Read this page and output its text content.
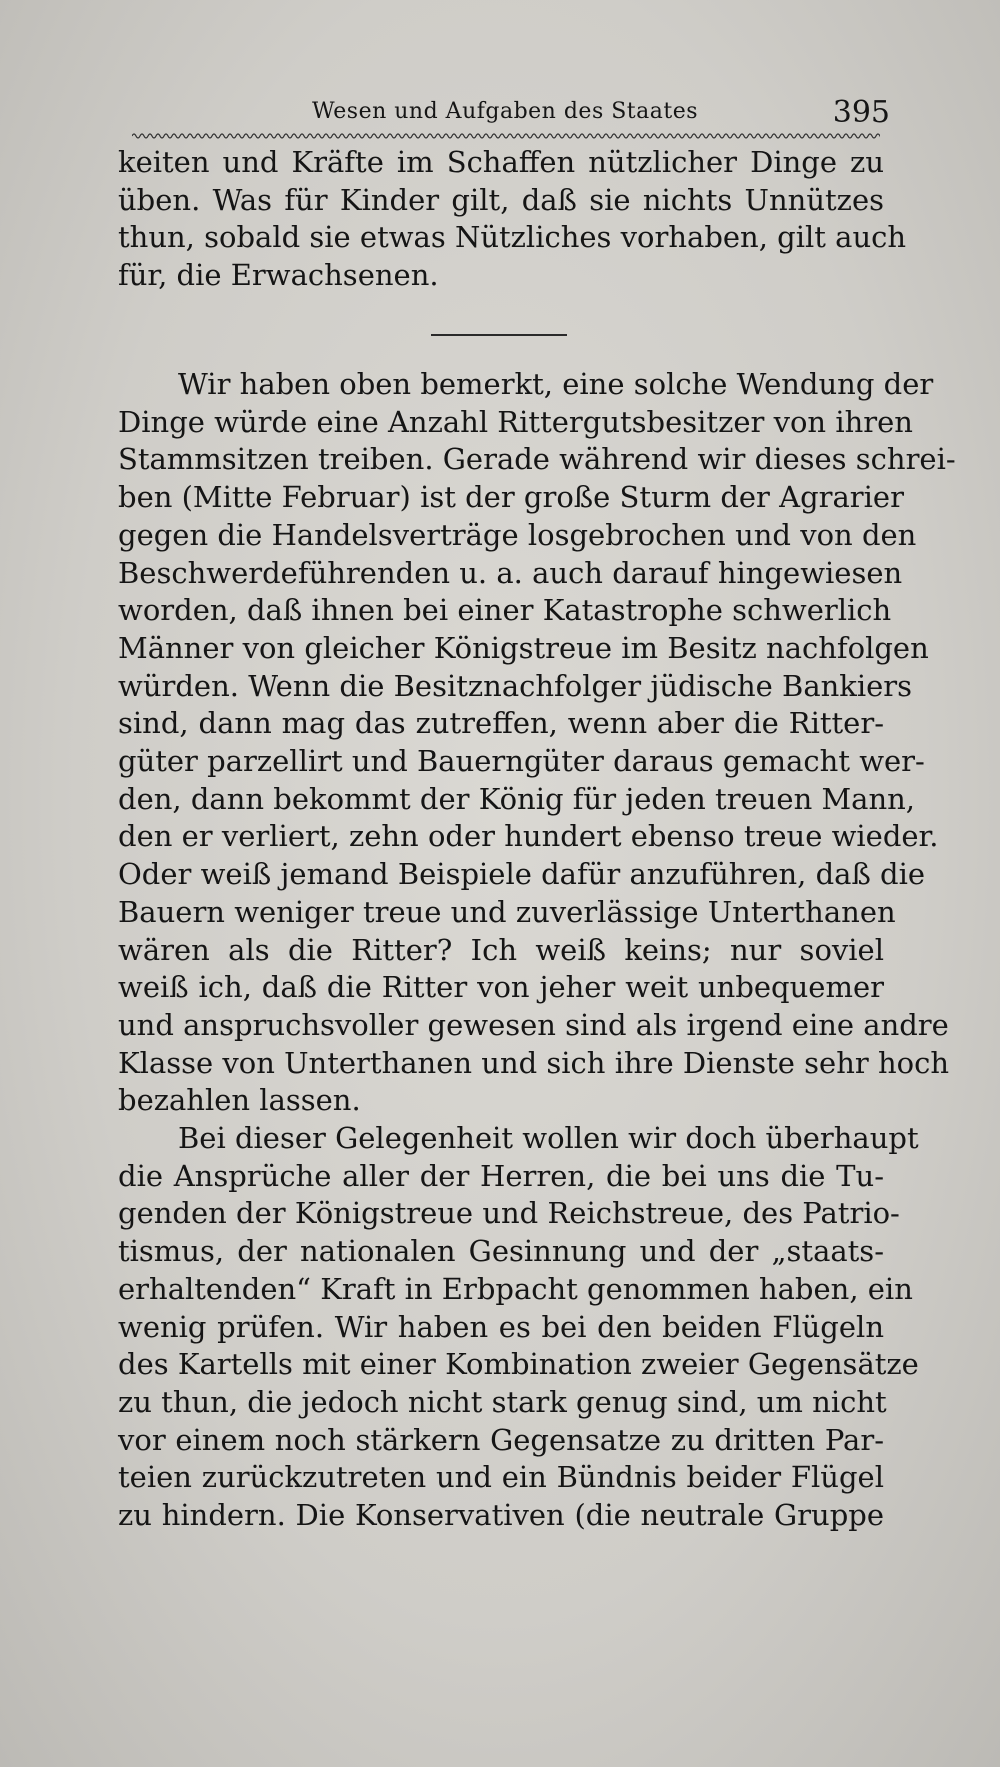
Wesen und Aufgaben des Staates	395
keiten und Kräfte im Schaffen nützlicher Dinge zu
üben. Was für Kinder gilt, daß sie nichts Unnützes
thun, sobald sie etwas Nützliches vorhaben, gilt auch
für, die Erwachsenen.
Wir haben oben bemerkt, eine solche Wendung der
Dinge würde eine Anzahl Rittergutsbesitzer von ihren
Stammsitzen treiben. Gerade während wir dieses schrei-
ben (Mitte Februar) ist der große Sturm der Agrarier
gegen die Handelsverträge losgebrochen und von den
Beschwerdeführenden u. a. auch darauf hingewiesen
worden, daß ihnen bei einer Katastrophe schwerlich
Männer von gleicher Königstreue im Besitz nachfolgen
würden. Wenn die Besitznachfolger jüdische Bankiers
sind, dann mag das zutreffen, wenn aber die Ritter-
güter parzellirt und Bauerngüter daraus gemacht wer-
den, dann bekommt der König für jeden treuen Mann,
den er verliert, zehn oder hundert ebenso treue wieder.
Oder weiß jemand Beispiele dafür anzuführen, daß die
Bauern weniger treue und zuverlässige Unterthanen
wären als die Ritter? Ich weiß keins; nur soviel
weiß ich, daß die Ritter von jeher weit unbequemer
und anspruchsvoller gewesen sind als irgend eine andre
Klasse von Unterthanen und sich ihre Dienste sehr hoch
bezahlen lassen.
Bei dieser Gelegenheit wollen wir doch überhaupt
die Ansprüche aller der Herren, die bei uns die Tu-
genden der Königstreue und Reichstreue, des Patrio-
tismus, der nationalen Gesinnung und der „staats-
erhaltenden“ Kraft in Erbpacht genommen haben, ein
wenig prüfen. Wir haben es bei den beiden Flügeln
des Kartells mit einer Kombination zweier Gegensätze
zu thun, die jedoch nicht stark genug sind, um nicht
vor einem noch stärkern Gegensatze zu dritten Par-
teien zurückzutreten und ein Bündnis beider Flügel
zu hindern. Die Konservativen (die neutrale Gruppe
